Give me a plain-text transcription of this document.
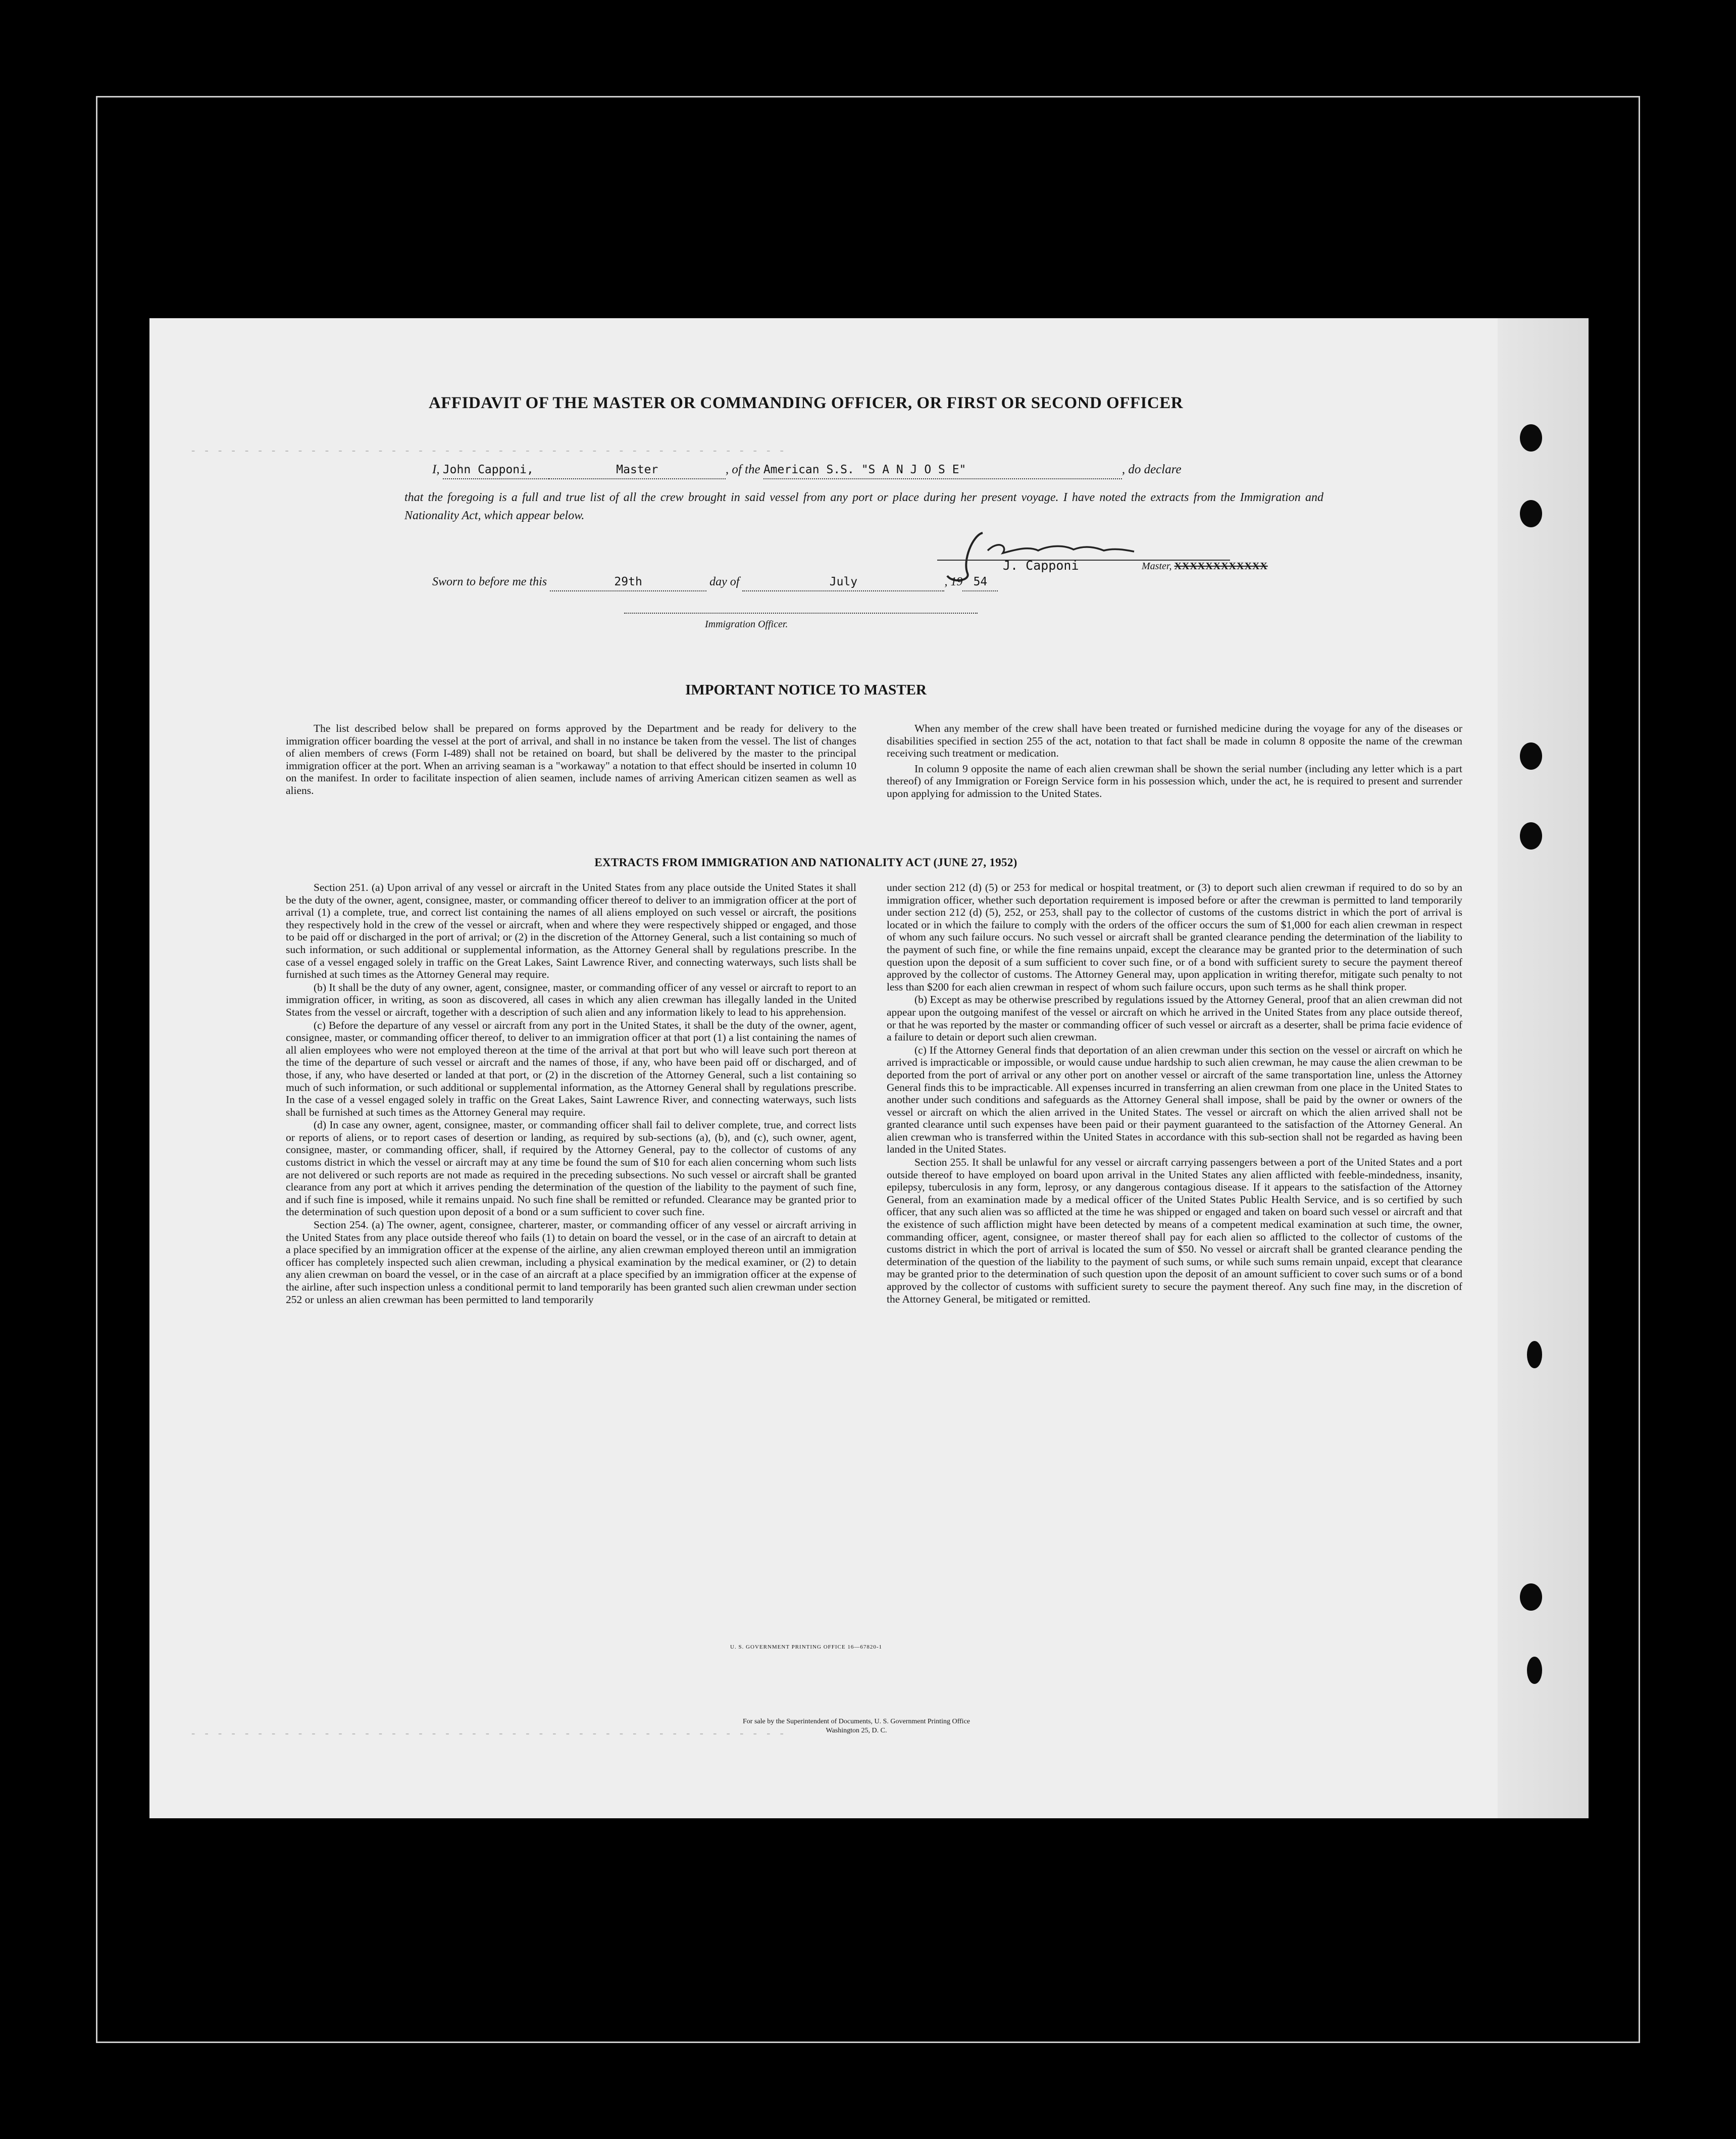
- - - - - - - - - - - - - - - - - - - - - - - - - - - - - - - - - - - - - - - - - - - - -
- - - - - - - - - - - - - - - - - - - - - - - - - - - - - - - - - - - - - - - - - - - - -
AFFIDAVIT OF THE MASTER OR COMMANDING OFFICER, OR FIRST OR SECOND OFFICER
I, John Capponi,	Master	, of the American S.S. "S A N J O S E"	, do declare
that the foregoing is a full and true list of all the crew brought in said vessel from any port or place during her present voyage. I have noted the extracts from the Immigration and Nationality Act, which appear below.
J. Capponi	Master, XXXXXXXXXXXX
Sworn to before me this	29th	day of	July	, 19 54
Immigration Officer.
IMPORTANT NOTICE TO MASTER

The list described below shall be prepared on forms approved by the Department and be ready for delivery to the immigration officer boarding the vessel at the port of arrival, and shall in no instance be taken from the vessel. The list of changes of alien members of crews (Form I-489) shall not be retained on board, but shall be delivered by the master to the principal immigration officer at the port. When an arriving seaman is a "workaway" a notation to that effect should be inserted in column 10 on the manifest. In order to facilitate inspection of alien seamen, include names of arriving American citizen seamen as well as aliens.

When any member of the crew shall have been treated or furnished medicine during the voyage for any of the diseases or disabilities specified in section 255 of the act, notation to that fact shall be made in column 8 opposite the name of the crewman receiving such treatment or medication.

In column 9 opposite the name of each alien crewman shall be shown the serial number (including any letter which is a part thereof) of any Immigration or Foreign Service form in his possession which, under the act, he is required to present and surrender upon applying for admission to the United States.

EXTRACTS FROM IMMIGRATION AND NATIONALITY ACT (JUNE 27, 1952)

Section 251. (a) Upon arrival of any vessel or aircraft in the United States from any place outside the United States it shall be the duty of the owner, agent, consignee, master, or commanding officer thereof to deliver to an immigration officer at the port of arrival (1) a complete, true, and correct list containing the names of all aliens employed on such vessel or aircraft, the positions they respectively hold in the crew of the vessel or aircraft, when and where they were respectively shipped or engaged, and those to be paid off or discharged in the port of arrival; or (2) in the discretion of the Attorney General, such a list containing so much of such information, or such additional or supplemental information, as the Attorney General shall by regulations prescribe. In the case of a vessel engaged solely in traffic on the Great Lakes, Saint Lawrence River, and connecting waterways, such lists shall be furnished at such times as the Attorney General may require.

(b) It shall be the duty of any owner, agent, consignee, master, or commanding officer of any vessel or aircraft to report to an immigration officer, in writing, as soon as discovered, all cases in which any alien crewman has illegally landed in the United States from the vessel or aircraft, together with a description of such alien and any information likely to lead to his apprehension.

(c) Before the departure of any vessel or aircraft from any port in the United States, it shall be the duty of the owner, agent, consignee, master, or commanding officer thereof, to deliver to an immigration officer at that port (1) a list containing the names of all alien employees who were not employed thereon at the time of the arrival at that port but who will leave such port thereon at the time of the departure of such vessel or aircraft and the names of those, if any, who have been paid off or discharged, and of those, if any, who have deserted or landed at that port, or (2) in the discretion of the Attorney General, such a list containing so much of such information, or such additional or supplemental information, as the Attorney General shall by regulations prescribe. In the case of a vessel engaged solely in traffic on the Great Lakes, Saint Lawrence River, and connecting waterways, such lists shall be furnished at such times as the Attorney General may require.

(d) In case any owner, agent, consignee, master, or commanding officer shall fail to deliver complete, true, and correct lists or reports of aliens, or to report cases of desertion or landing, as required by sub-sections (a), (b), and (c), such owner, agent, consignee, master, or commanding officer, shall, if required by the Attorney General, pay to the collector of customs of any customs district in which the vessel or aircraft may at any time be found the sum of $10 for each alien concerning whom such lists are not delivered or such reports are not made as required in the preceding subsections. No such vessel or aircraft shall be granted clearance from any port at which it arrives pending the determination of the question of the liability to the payment of such fine, and if such fine is imposed, while it remains unpaid. No such fine shall be remitted or refunded. Clearance may be granted prior to the determination of such question upon deposit of a bond or a sum sufficient to cover such fine.

Section 254. (a) The owner, agent, consignee, charterer, master, or commanding officer of any vessel or aircraft arriving in the United States from any place outside thereof who fails (1) to detain on board the vessel, or in the case of an aircraft to detain at a place specified by an immigration officer at the expense of the airline, any alien crewman employed thereon until an immigration officer has completely inspected such alien crewman, including a physical examination by the medical examiner, or (2) to detain any alien crewman on board the vessel, or in the case of an aircraft at a place specified by an immigration officer at the expense of the airline, after such inspection unless a conditional permit to land temporarily has been granted such alien crewman under section 252 or unless an alien crewman has been permitted to land temporarily

under section 212 (d) (5) or 253 for medical or hospital treatment, or (3) to deport such alien crewman if required to do so by an immigration officer, whether such deportation requirement is imposed before or after the crewman is permitted to land temporarily under section 212 (d) (5), 252, or 253, shall pay to the collector of customs of the customs district in which the port of arrival is located or in which the failure to comply with the orders of the officer occurs the sum of $1,000 for each alien crewman in respect of whom any such failure occurs. No such vessel or aircraft shall be granted clearance pending the determination of the liability to the payment of such fine, or while the fine remains unpaid, except the clearance may be granted prior to the determination of such question upon the deposit of a sum sufficient to cover such fine, or of a bond with sufficient surety to secure the payment thereof approved by the collector of customs. The Attorney General may, upon application in writing therefor, mitigate such penalty to not less than $200 for each alien crewman in respect of whom such failure occurs, upon such terms as he shall think proper.

(b) Except as may be otherwise prescribed by regulations issued by the Attorney General, proof that an alien crewman did not appear upon the outgoing manifest of the vessel or aircraft on which he arrived in the United States from any place outside thereof, or that he was reported by the master or commanding officer of such vessel or aircraft as a deserter, shall be prima facie evidence of a failure to detain or deport such alien crewman.

(c) If the Attorney General finds that deportation of an alien crewman under this section on the vessel or aircraft on which he arrived is impracticable or impossible, or would cause undue hardship to such alien crewman, he may cause the alien crewman to be deported from the port of arrival or any other port on another vessel or aircraft of the same transportation line, unless the Attorney General finds this to be impracticable. All expenses incurred in transferring an alien crewman from one place in the United States to another under such conditions and safeguards as the Attorney General shall impose, shall be paid by the owner or owners of the vessel or aircraft on which the alien arrived in the United States. The vessel or aircraft on which the alien arrived shall not be granted clearance until such expenses have been paid or their payment guaranteed to the satisfaction of the Attorney General. An alien crewman who is transferred within the United States in accordance with this sub-section shall not be regarded as having been landed in the United States.

Section 255. It shall be unlawful for any vessel or aircraft carrying passengers between a port of the United States and a port outside thereof to have employed on board upon arrival in the United States any alien afflicted with feeble-mindedness, insanity, epilepsy, tuberculosis in any form, leprosy, or any dangerous contagious disease. If it appears to the satisfaction of the Attorney General, from an examination made by a medical officer of the United States Public Health Service, and is so certified by such officer, that any such alien was so afflicted at the time he was shipped or engaged and taken on board such vessel or aircraft and that the existence of such affliction might have been detected by means of a competent medical examination at such time, the owner, commanding officer, agent, consignee, or master thereof shall pay for each alien so afflicted to the collector of customs of the customs district in which the port of arrival is located the sum of $50. No vessel or aircraft shall be granted clearance pending the determination of the question of the liability to the payment of such sums, or while such sums remain unpaid, except that clearance may be granted prior to the determination of such question upon the deposit of an amount sufficient to cover such sums or of a bond approved by the collector of customs with sufficient surety to secure the payment thereof. Any such fine may, in the discretion of the Attorney General, be mitigated or remitted.

U. S. GOVERNMENT PRINTING OFFICE 16—67820-1
For sale by the Superintendent of Documents, U. S. Government Printing Office
Washington 25, D. C.
